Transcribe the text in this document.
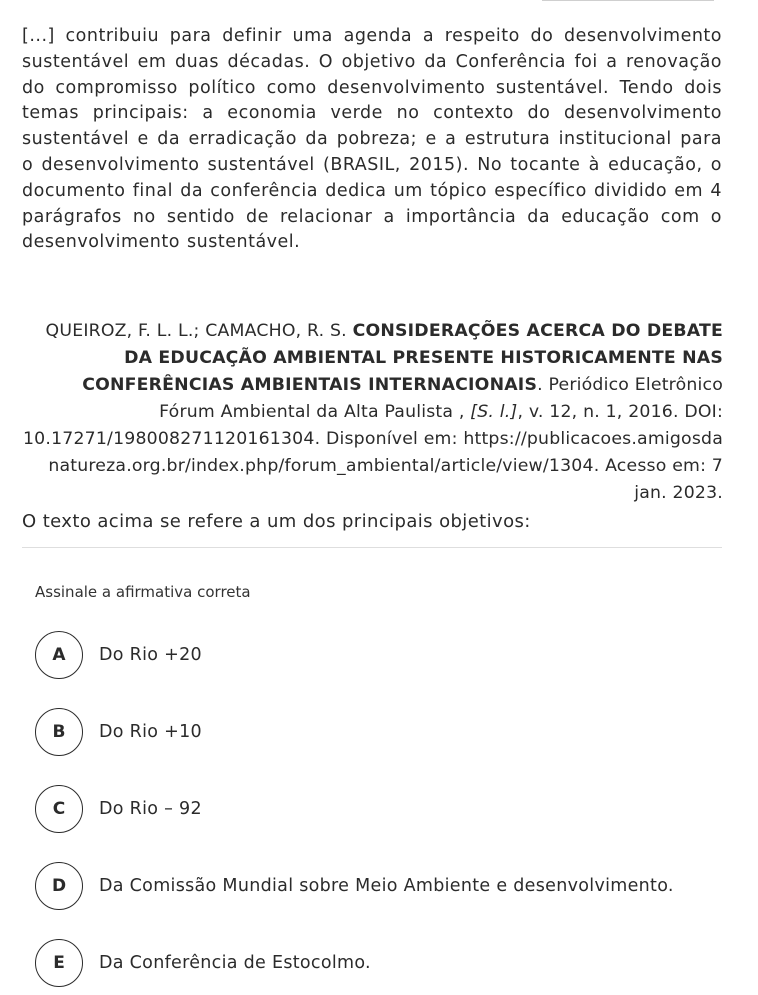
[...] contribuiu para definir uma agenda a respeito do desenvolvimento sustentável em duas décadas. O objetivo da Conferência foi a renovação do compromisso político como desenvolvimento sustentável. Tendo dois temas principais: a economia verde no contexto do desenvolvimento sustentável e da erradicação da pobreza; e a estrutura institucional para o desenvolvimento sustentável (BRASIL, 2015). No tocante à educação, o documento final da conferência dedica um tópico específico dividido em 4 parágrafos no sentido de relacionar a importância da educação com o desenvolvimento sustentável.

QUEIROZ, F. L. L.; CAMACHO, R. S. CONSIDERAÇÕES ACERCA DO DEBATE DA EDUCAÇÃO AMBIENTAL PRESENTE HISTORICAMENTE NAS CONFERÊNCIAS AMBIENTAIS INTERNACIONAIS. Periódico Eletrônico Fórum Ambiental da Alta Paulista , [S. l.], v. 12, n. 1, 2016. DOI: 10.17271/198008271120161304. Disponível em: https://publicacoes.amigosdanatureza.org.br/index.php/forum_ambiental/article/view/1304. Acesso em: 7 jan. 2023.
O texto acima se refere a um dos principais objetivos:
Assinale a afirmativa correta
A	Do Rio +20
B	Do Rio +10
C	Do Rio – 92
D	Da Comissão Mundial sobre Meio Ambiente e desenvolvimento.
E	Da Conferência de Estocolmo.
